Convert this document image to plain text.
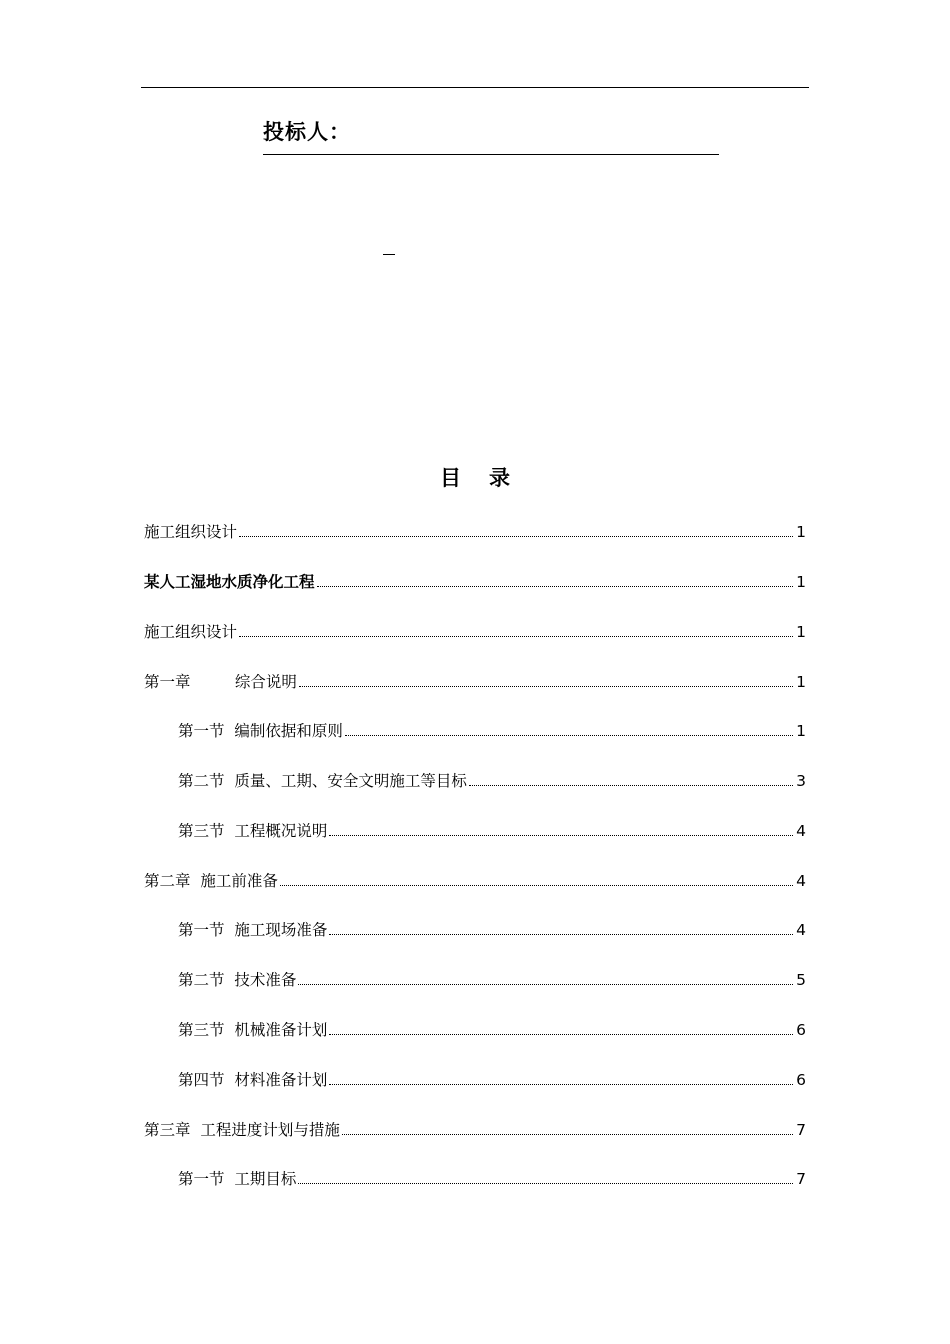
投标人：
目录
施工组织设计	1
某人工湿地水质净化工程	1
施工组织设计	1
第一章         综合说明	1
第一节  编制依据和原则	1
第二节  质量、工期、安全文明施工等目标	3
第三节  工程概况说明	4
第二章  施工前准备	4
第一节  施工现场准备	4
第二节  技术准备	5
第三节  机械准备计划	6
第四节  材料准备计划	6
第三章  工程进度计划与措施	7
第一节  工期目标	7
